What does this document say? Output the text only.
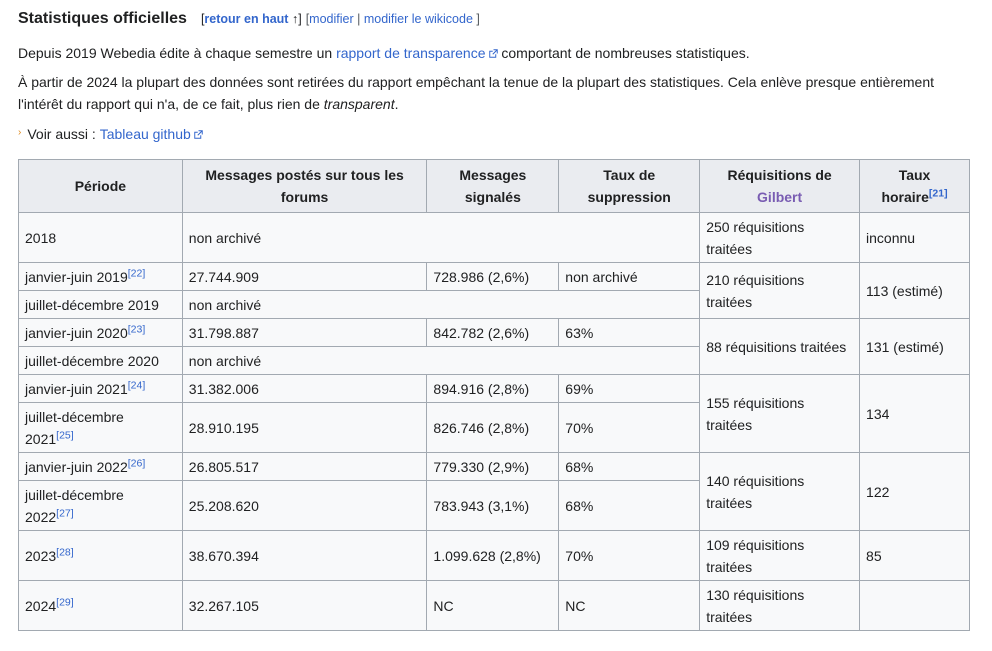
Statistiques officielles [retour en haut ↑] [modifier | modifier le wikicode ]

Depuis 2019 Webedia édite à chaque semestre un rapport de transparence comportant de nombreuses statistiques.

À partir de 2024 la plupart des données sont retirées du rapport empêchant la tenue de la plupart des statistiques. Cela enlève presque entièrement l'intérêt du rapport qui n'a, de ce fait, plus rien de transparent.

› Voir aussi :
Tableau github
Période	Messages postés sur tous les forums	Messages signalés	Taux de suppression	Réquisitions de Gilbert	Taux horaire[21]
2018	non archivé			250 réquisitions traitées	inconnu
janvier-juin 2019[22]	27.744.909	728.986 (2,6%)	non archivé	210 réquisitions traitées	113 (estimé)
juillet-décembre 2019	non archivé				
janvier-juin 2020[23]	31.798.887	842.782 (2,6%)	63%	88 réquisitions traitées	131 (estimé)
juillet-décembre 2020	non archivé				
janvier-juin 2021[24]	31.382.006	894.916 (2,8%)	69%	155 réquisitions traitées	134
juillet-décembre 2021[25]	28.910.195	826.746 (2,8%)	70%		
janvier-juin 2022[26]	26.805.517	779.330 (2,9%)	68%	140 réquisitions traitées	122
juillet-décembre 2022[27]	25.208.620	783.943 (3,1%)	68%		
2023[28]	38.670.394	1.099.628 (2,8%)	70%	109 réquisitions traitées	85
2024[29]	32.267.105	NC	NC	130 réquisitions traitées	
